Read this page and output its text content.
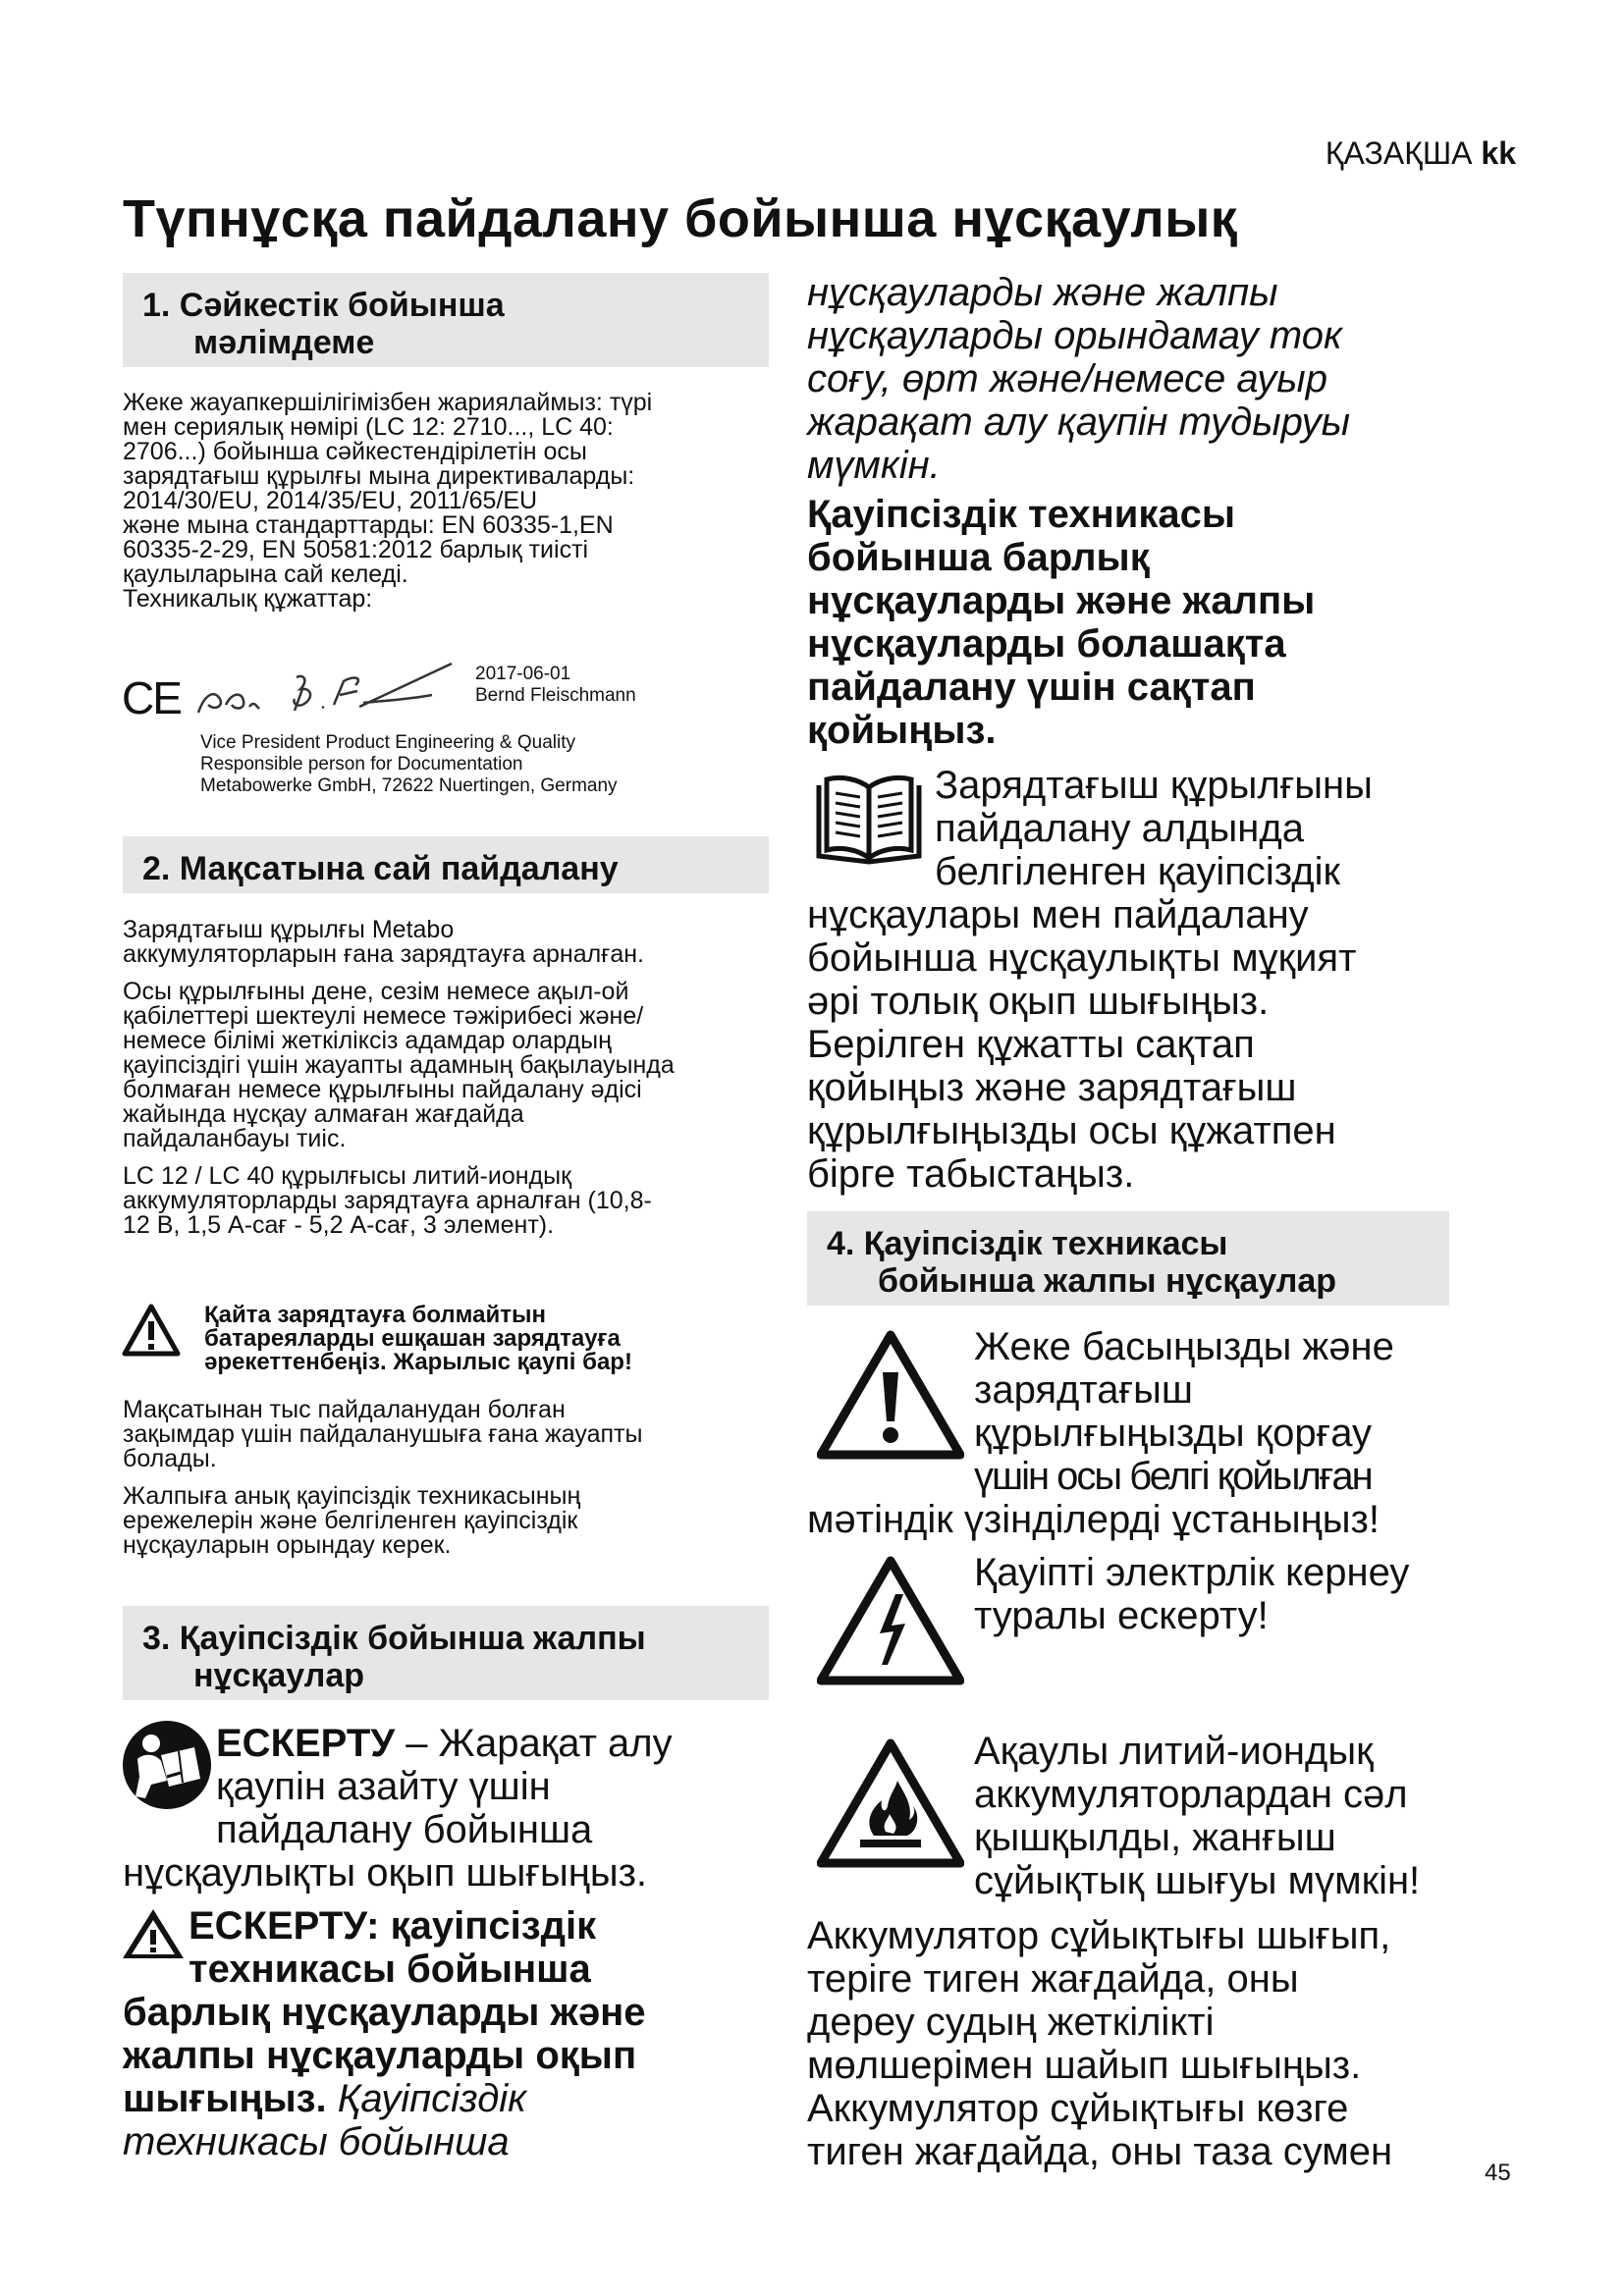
ҚАЗАҚША kk
Түпнұсқа пайдалану бойынша нұсқаулық
1. Сәйкестік бойынша
мәлімдеме

Жеке жауапкершілігімізбен жариялаймыз: түрі

мен сериялық нөмірі (LC 12: 2710..., LC 40:

2706...) бойынша сәйкестендірілетін осы

зарядтағыш құрылғы мына директиваларды:

2014/30/EU, 2014/35/EU, 2011/65/EU

және мына стандарттарды: EN 60335-1,EN

60335-2-29, EN 50581:2012 барлық тиісті

қаулыларына сай келеді.

Техникалық құжаттар:

CE
ppa. B.F.
2017-06-01
Bernd Fleischmann

Vice President Product Engineering & Quality

Responsible person for Documentation

Metabowerke GmbH, 72622 Nuertingen, Germany

2. Мақсатына сай пайдалану

Зарядтағыш құрылғы Metabo

аккумуляторларын ғана зарядтауға арналған.

Осы құрылғыны дене, сезім немесе ақыл-ой

қабілеттері шектеулі немесе тәжірибесі және/

немесе білімі жеткіліксіз адамдар олардың

қауіпсіздігі үшін жауапты адамның бақылауында

болмаған немесе құрылғыны пайдалану әдісі

жайында нұсқау алмаған жағдайда

пайдаланбауы тиіс.

LC 12 / LC 40 құрылғысы литий-иондық

аккумуляторларды зарядтауға арналған (10,8-

12 В, 1,5 А-сағ - 5,2 А-сағ, 3 элемент).

Қайта зарядтауға болмайтын

батареяларды ешқашан зарядтауға

әрекеттенбеңіз. Жарылыс қаупі бар!

Мақсатынан тыс пайдаланудан болған

зақымдар үшін пайдаланушыға ғана жауапты

болады.

Жалпыға анық қауіпсіздік техникасының

ережелерін және белгіленген қауіпсіздік

нұсқауларын орындау керек.

3. Қауіпсіздік бойынша жалпы
нұсқаулар
ЕСКЕРТУ – Жарақат алу
қаупін азайту үшін
пайдалану бойынша
нұсқаулықты оқып шығыңыз.
ЕСКЕРТУ: қауіпсіздік
техникасы бойынша
барлық нұсқауларды және
жалпы нұсқауларды оқып
шығыңыз. Қауіпсіздік
техникасы бойынша

нұсқауларды және жалпы

нұсқауларды орындамау ток

соғу, өрт және/немесе ауыр

жарақат алу қаупін тудыруы

мүмкін.

Қауіпсіздік техникасы

бойынша барлық

нұсқауларды және жалпы

нұсқауларды болашақта

пайдалану үшін сақтап

қойыңыз.

Зарядтағыш құрылғыны
пайдалану алдында
белгіленген қауіпсіздік

нұсқаулары мен пайдалану

бойынша нұсқаулықты мұқият

әрі толық оқып шығыңыз.

Берілген құжатты сақтап

қойыңыз және зарядтағыш

құрылғыңызды осы құжатпен

бірге табыстаңыз.

4. Қауіпсіздік техникасы
бойынша жалпы нұсқаулар
Жеке басыңызды және
зарядтағыш
құрылғыңызды қорғау
үшін осы белгі қойылған
мәтіндік үзінділерді ұстаныңыз!
Қауіпті электрлік кернеу
туралы ескерту!

Ақаулы литий-иондық

аккумуляторлардан сәл

қышқылды, жанғыш

сұйықтық шығуы мүмкін!

Аккумулятор сұйықтығы шығып,

теріге тиген жағдайда, оны

дереу судың жеткілікті

мөлшерімен шайып шығыңыз.

Аккумулятор сұйықтығы көзге

тиген жағдайда, оны таза сумен	45
